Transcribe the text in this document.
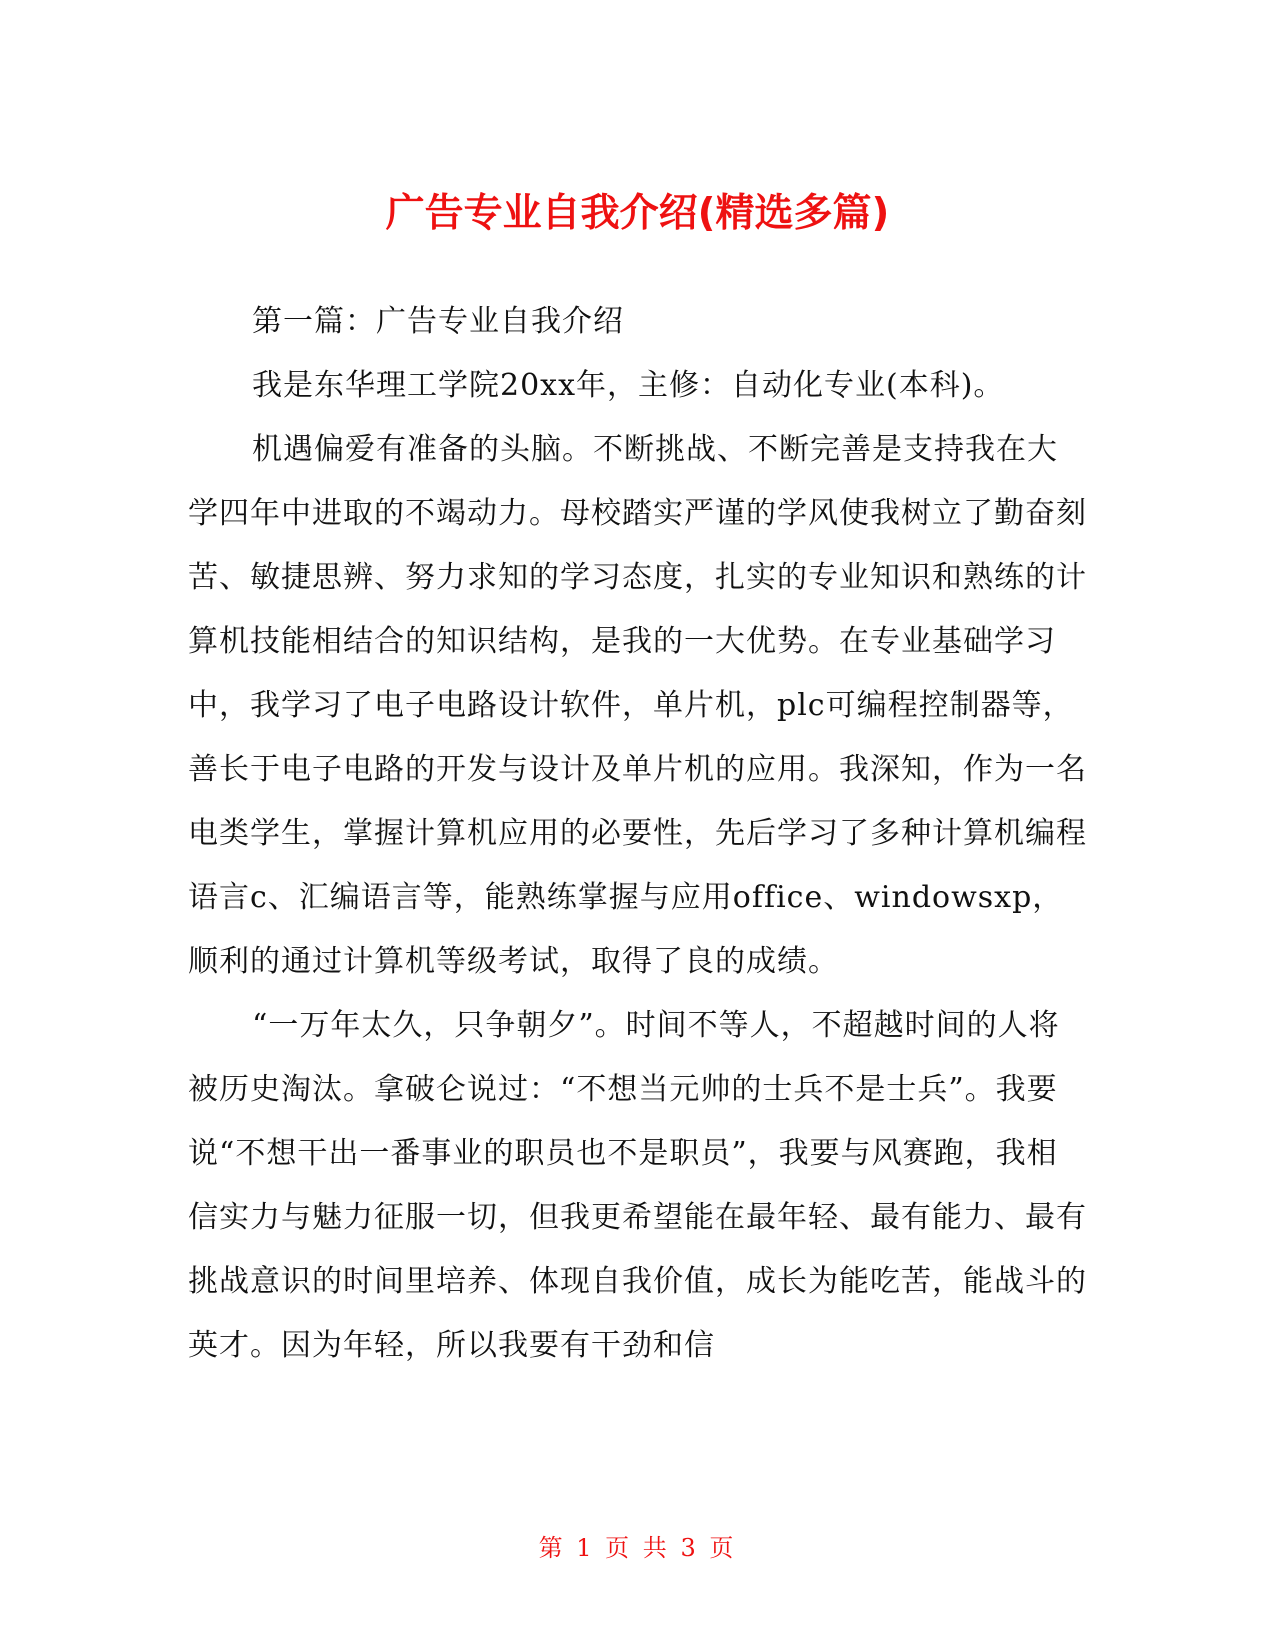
广告专业自我介绍(精选多篇)

第一篇：广告专业自我介绍

我是东华理工学院20xx年，主修：自动化专业(本科)。

机遇偏爱有准备的头脑。不断挑战、不断完善是支持我在大学四年中进取的不竭动力。母校踏实严谨的学风使我树立了勤奋刻苦、敏捷思辨、努力求知的学习态度，扎实的专业知识和熟练的计算机技能相结合的知识结构，是我的一大优势。在专业基础学习中，我学习了电子电路设计软件，单片机，plc可编程控制器等，善长于电子电路的开发与设计及单片机的应用。我深知，作为一名电类学生，掌握计算机应用的必要性，先后学习了多种计算机编程语言c、汇编语言等，能熟练掌握与应用office、windowsxp，顺利的通过计算机等级考试，取得了良的成绩。

“一万年太久，只争朝夕”。时间不等人，不超越时间的人将被历史淘汰。拿破仑说过：“不想当元帅的士兵不是士兵”。我要说“不想干出一番事业的职员也不是职员”，我要与风赛跑，我相信实力与魅力征服一切，但我更希望能在最年轻、最有能力、最有挑战意识的时间里培养、体现自我价值，成长为能吃苦，能战斗的英才。因为年轻，所以我要有干劲和信

第 1 页 共 3 页
